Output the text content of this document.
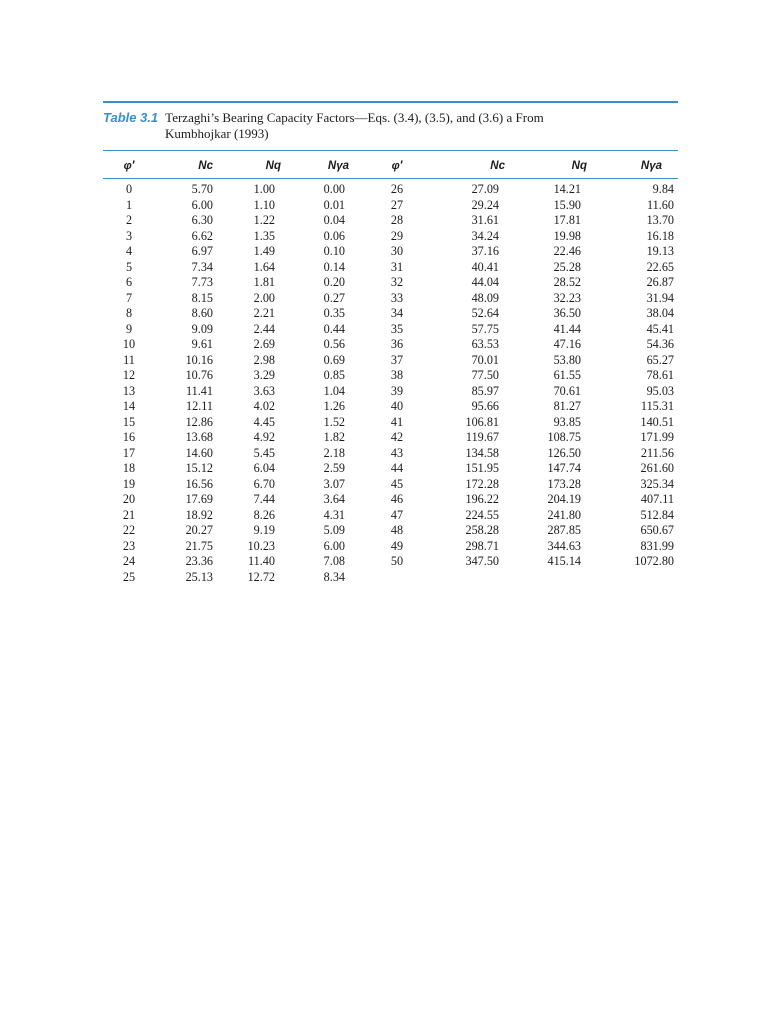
Table 3.1 Terzaghi’s Bearing Capacity Factors—Eqs. (3.4), (3.5), and (3.6) a From
Kumbhojkar (1993)
φ′	Nc	Nq	Nγa	φ′	Nc	Nq	Nγa
0	5.70	1.00	0.00	26	27.09	14.21	9.84
1	6.00	1.10	0.01	27	29.24	15.90	11.60
2	6.30	1.22	0.04	28	31.61	17.81	13.70
3	6.62	1.35	0.06	29	34.24	19.98	16.18
4	6.97	1.49	0.10	30	37.16	22.46	19.13
5	7.34	1.64	0.14	31	40.41	25.28	22.65
6	7.73	1.81	0.20	32	44.04	28.52	26.87
7	8.15	2.00	0.27	33	48.09	32.23	31.94
8	8.60	2.21	0.35	34	52.64	36.50	38.04
9	9.09	2.44	0.44	35	57.75	41.44	45.41
10	9.61	2.69	0.56	36	63.53	47.16	54.36
11	10.16	2.98	0.69	37	70.01	53.80	65.27
12	10.76	3.29	0.85	38	77.50	61.55	78.61
13	11.41	3.63	1.04	39	85.97	70.61	95.03
14	12.11	4.02	1.26	40	95.66	81.27	115.31
15	12.86	4.45	1.52	41	106.81	93.85	140.51
16	13.68	4.92	1.82	42	119.67	108.75	171.99
17	14.60	5.45	2.18	43	134.58	126.50	211.56
18	15.12	6.04	2.59	44	151.95	147.74	261.60
19	16.56	6.70	3.07	45	172.28	173.28	325.34
20	17.69	7.44	3.64	46	196.22	204.19	407.11
21	18.92	8.26	4.31	47	224.55	241.80	512.84
22	20.27	9.19	5.09	48	258.28	287.85	650.67
23	21.75	10.23	6.00	49	298.71	344.63	831.99
24	23.36	11.40	7.08	50	347.50	415.14	1072.80
25	25.13	12.72	8.34				
